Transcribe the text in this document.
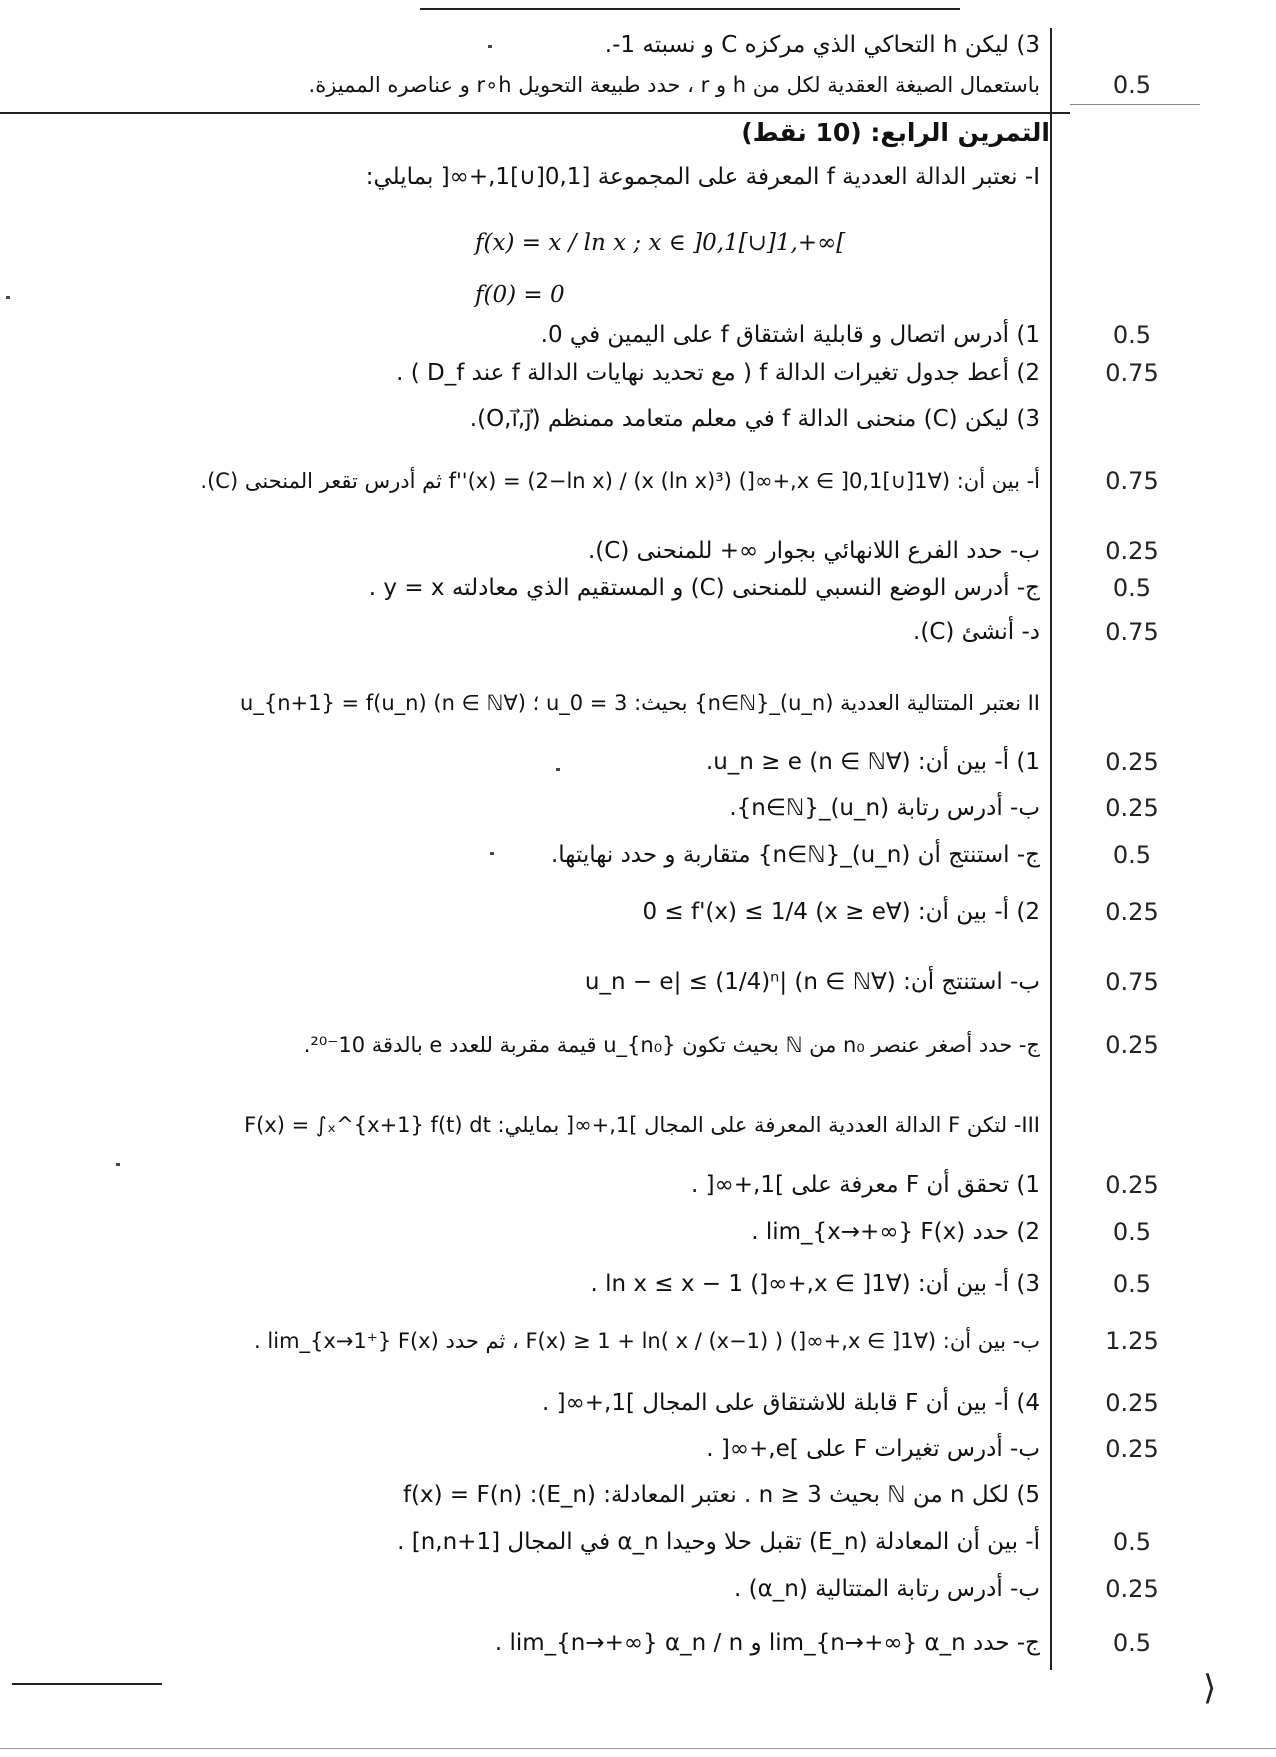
⟩
3) ليكن h التحاكي الذي مركزه C و نسبته 1-.
باستعمال الصيغة العقدية لكل من h و r ، حدد طبيعة التحويل r∘h و عناصره المميزة.	0.5
التمرين الرابع: (10 نقط)
I- نعتبر الدالة العددية f المعرفة على المجموعة [0,1[∪]1,+∞[ بمايلي:
f(x) = x / ln x ; x ∈ ]0,1[∪]1,+∞[
f(0) = 0
1) أدرس اتصال و قابلية اشتقاق f على اليمين في 0.	0.5
2) أعط جدول تغيرات الدالة f ( مع تحديد نهايات الدالة f عند D_f ) .	0.75
3) ليكن (C) منحنى الدالة f في معلم متعامد ممنظم (O,i⃗,j⃗).
أ- بين أن: (∀x ∈ ]0,1[∪]1,+∞[) f''(x) = (2−ln x) / (x (ln x)³) ثم أدرس تقعر المنحنى (C).	0.75
ب- حدد الفرع اللانهائي بجوار ∞+ للمنحنى (C).	0.25
ج- أدرس الوضع النسبي للمنحنى (C) و المستقيم الذي معادلته y = x .	0.5
د- أنشئ (C).	0.75
II نعتبر المتتالية العددية (u_n)_{n∈ℕ} بحيث: u_0 = 3 ؛ (∀n ∈ ℕ) u_{n+1} = f(u_n)
1) أ- بين أن: (∀n ∈ ℕ) u_n ≥ e.	0.25
ب- أدرس رتابة (u_n)_{n∈ℕ}.	0.25
ج- استنتج أن (u_n)_{n∈ℕ} متقاربة و حدد نهايتها.	0.5
2) أ- بين أن: (∀x ≥ e) 0 ≤ f'(x) ≤ 1/4	0.25
ب- استنتج أن: (∀n ∈ ℕ) |u_n − e| ≤ (1/4)ⁿ	0.75
ج- حدد أصغر عنصر n₀ من ℕ بحيث تكون u_{n₀} قيمة مقربة للعدد e بالدقة 10⁻²⁰.	0.25
III- لتكن F الدالة العددية المعرفة على المجال ]1,+∞[ بمايلي: F(x) = ∫ₓ^{x+1} f(t) dt
1) تحقق أن F معرفة على ]1,+∞[ .	0.25
2) حدد lim_{x→+∞} F(x) .	0.5
3) أ- بين أن: (∀x ∈ ]1,+∞[) ln x ≤ x − 1 .	0.5
ب- بين أن: (∀x ∈ ]1,+∞[) F(x) ≥ 1 + ln( x / (x−1) ) ، ثم حدد lim_{x→1⁺} F(x) .	1.25
4) أ- بين أن F قابلة للاشتقاق على المجال ]1,+∞[ .	0.25
ب- أدرس تغيرات F على ]e,+∞[ .	0.25
5) لكل n من ℕ بحيث n ≥ 3 . نعتبر المعادلة: (E_n): f(x) = F(n)
أ- بين أن المعادلة (E_n) تقبل حلا وحيدا α_n في المجال [n,n+1] .	0.5
ب- أدرس رتابة المتتالية (α_n) .	0.25
ج- حدد lim_{n→+∞} α_n و lim_{n→+∞} α_n / n .	0.5
